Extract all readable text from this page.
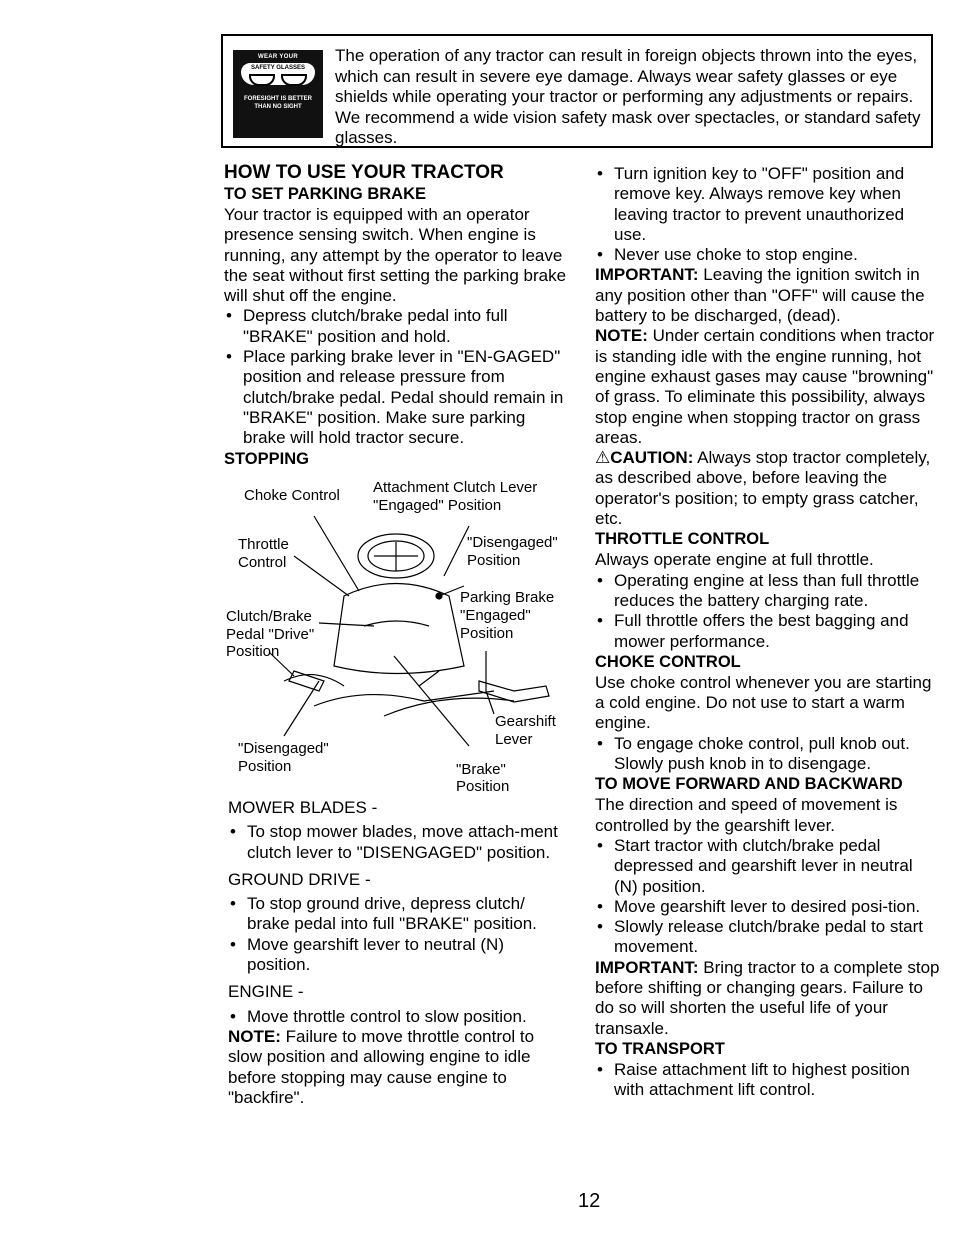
WEAR YOUR
SAFETY GLASSES

FORESIGHT IS BETTER
THAN NO SIGHT
The operation of any tractor can result in foreign objects thrown into the eyes, which can result in severe eye damage. Always wear safety glasses or eye shields while operating your tractor or performing any adjustments or repairs. We recommend a wide vision safety mask over spectacles, or standard safety glasses.

HOW TO USE YOUR TRACTOR

TO SET PARKING BRAKE

Your tractor is equipped with an operator presence sensing switch. When engine is running, any attempt by the operator to leave the seat without first setting the parking brake will shut off the engine.

• Depress clutch/brake pedal into full "BRAKE" position and hold.

• Place parking brake lever in "EN-GAGED" position and release pressure from clutch/brake pedal. Pedal should remain in "BRAKE" position. Make sure parking brake will hold tractor secure.

STOPPING

Choke Control Attachment Clutch Lever
"Engaged" Position
Throttle
Control
"Disengaged"
Position
Parking Brake
"Engaged"
Position
Clutch/Brake
Pedal "Drive"
Position
Gearshift
Lever
"Disengaged"
Position	"Brake"
Position

MOWER BLADES -

• To stop mower blades, move attach-ment clutch lever to "DISENGAGED" position.

GROUND DRIVE -

• To stop ground drive, depress clutch/ brake pedal into full "BRAKE" position.

• Move gearshift lever to neutral (N) position.

ENGINE -

• Move throttle control to slow position.

NOTE: Failure to move throttle control to slow position and allowing engine to idle before stopping may cause engine to "backfire".

• Turn ignition key to "OFF" position and remove key. Always remove key when leaving tractor to prevent unauthorized use.

• Never use choke to stop engine.

IMPORTANT: Leaving the ignition switch in any position other than "OFF" will cause the battery to be discharged, (dead).

NOTE: Under certain conditions when tractor is standing idle with the engine running, hot engine exhaust gases may cause "browning" of grass. To eliminate this possibility, always stop engine when stopping tractor on grass areas.

⚠CAUTION: Always stop tractor completely, as described above, before leaving the operator's position; to empty grass catcher, etc.

THROTTLE CONTROL

Always operate engine at full throttle.

• Operating engine at less than full throttle reduces the battery charging rate.

• Full throttle offers the best bagging and mower performance.

CHOKE CONTROL

Use choke control whenever you are starting a cold engine. Do not use to start a warm engine.

• To engage choke control, pull knob out. Slowly push knob in to disengage.

TO MOVE FORWARD AND BACKWARD

The direction and speed of movement is controlled by the gearshift lever.

• Start tractor with clutch/brake pedal depressed and gearshift lever in neutral (N) position.

• Move gearshift lever to desired posi-tion.

• Slowly release clutch/brake pedal to start movement.

IMPORTANT: Bring tractor to a complete stop before shifting or changing gears. Failure to do so will shorten the useful life of your transaxle.

TO TRANSPORT

• Raise attachment lift to highest position with attachment lift control.

12
